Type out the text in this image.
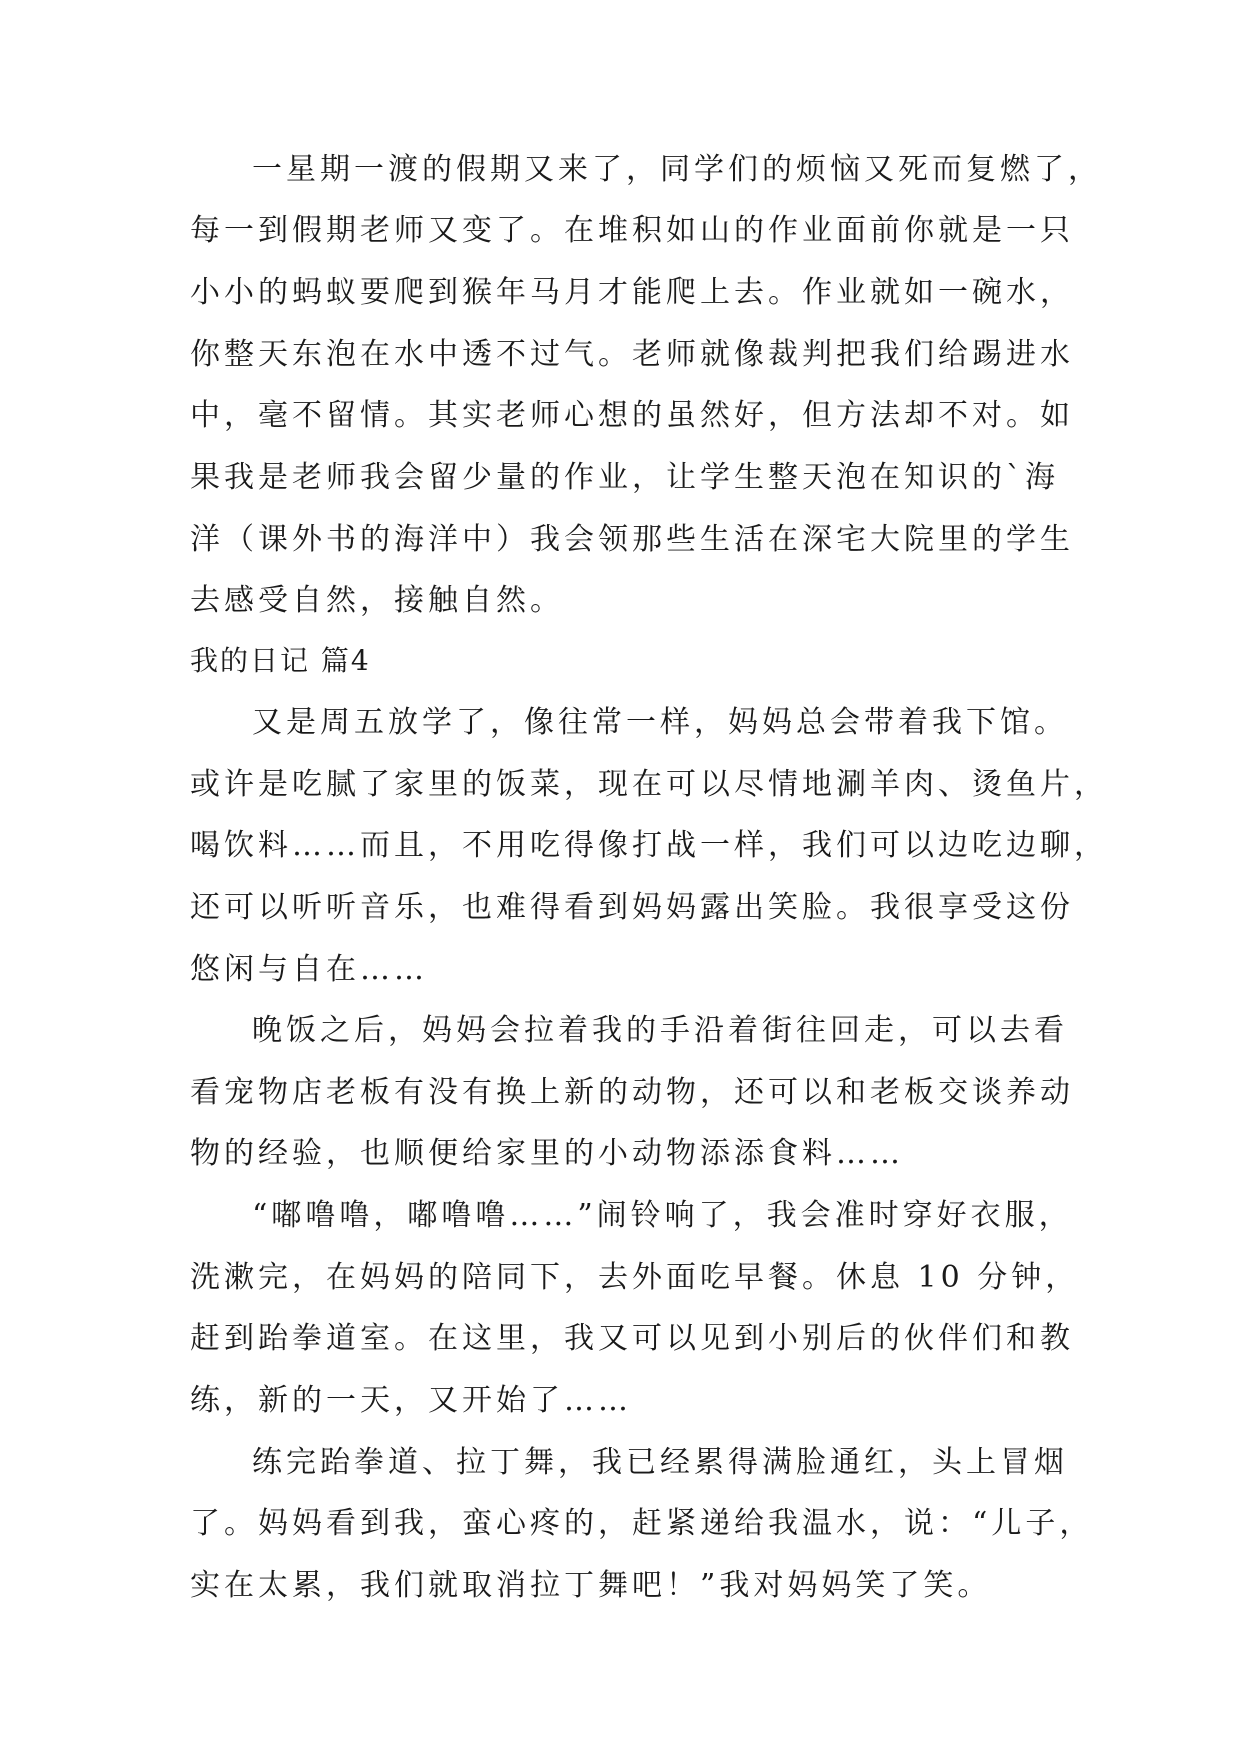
一星期一渡的假期又来了，同学们的烦恼又死而复燃了，
每一到假期老师又变了。在堆积如山的作业面前你就是一只
小小的蚂蚁要爬到猴年马月才能爬上去。作业就如一碗水，
你整天东泡在水中透不过气。老师就像裁判把我们给踢进水
中，毫不留情。其实老师心想的虽然好，但方法却不对。如
果我是老师我会留少量的作业，让学生整天泡在知识的`海
洋（课外书的海洋中）我会领那些生活在深宅大院里的学生
去感受自然，接触自然。
我的日记 篇4
又是周五放学了，像往常一样，妈妈总会带着我下馆。
或许是吃腻了家里的饭菜，现在可以尽情地涮羊肉、烫鱼片，
喝饮料……而且，不用吃得像打战一样，我们可以边吃边聊，
还可以听听音乐，也难得看到妈妈露出笑脸。我很享受这份
悠闲与自在……
晚饭之后，妈妈会拉着我的手沿着街往回走，可以去看
看宠物店老板有没有换上新的动物，还可以和老板交谈养动
物的经验，也顺便给家里的小动物添添食料……
“嘟噜噜，嘟噜噜……”闹铃响了，我会准时穿好衣服，
洗漱完，在妈妈的陪同下，去外面吃早餐。休息 10 分钟，
赶到跆拳道室。在这里，我又可以见到小别后的伙伴们和教
练，新的一天，又开始了……
练完跆拳道、拉丁舞，我已经累得满脸通红，头上冒烟
了。妈妈看到我，蛮心疼的，赶紧递给我温水，说：“儿子，
实在太累，我们就取消拉丁舞吧！”我对妈妈笑了笑。
